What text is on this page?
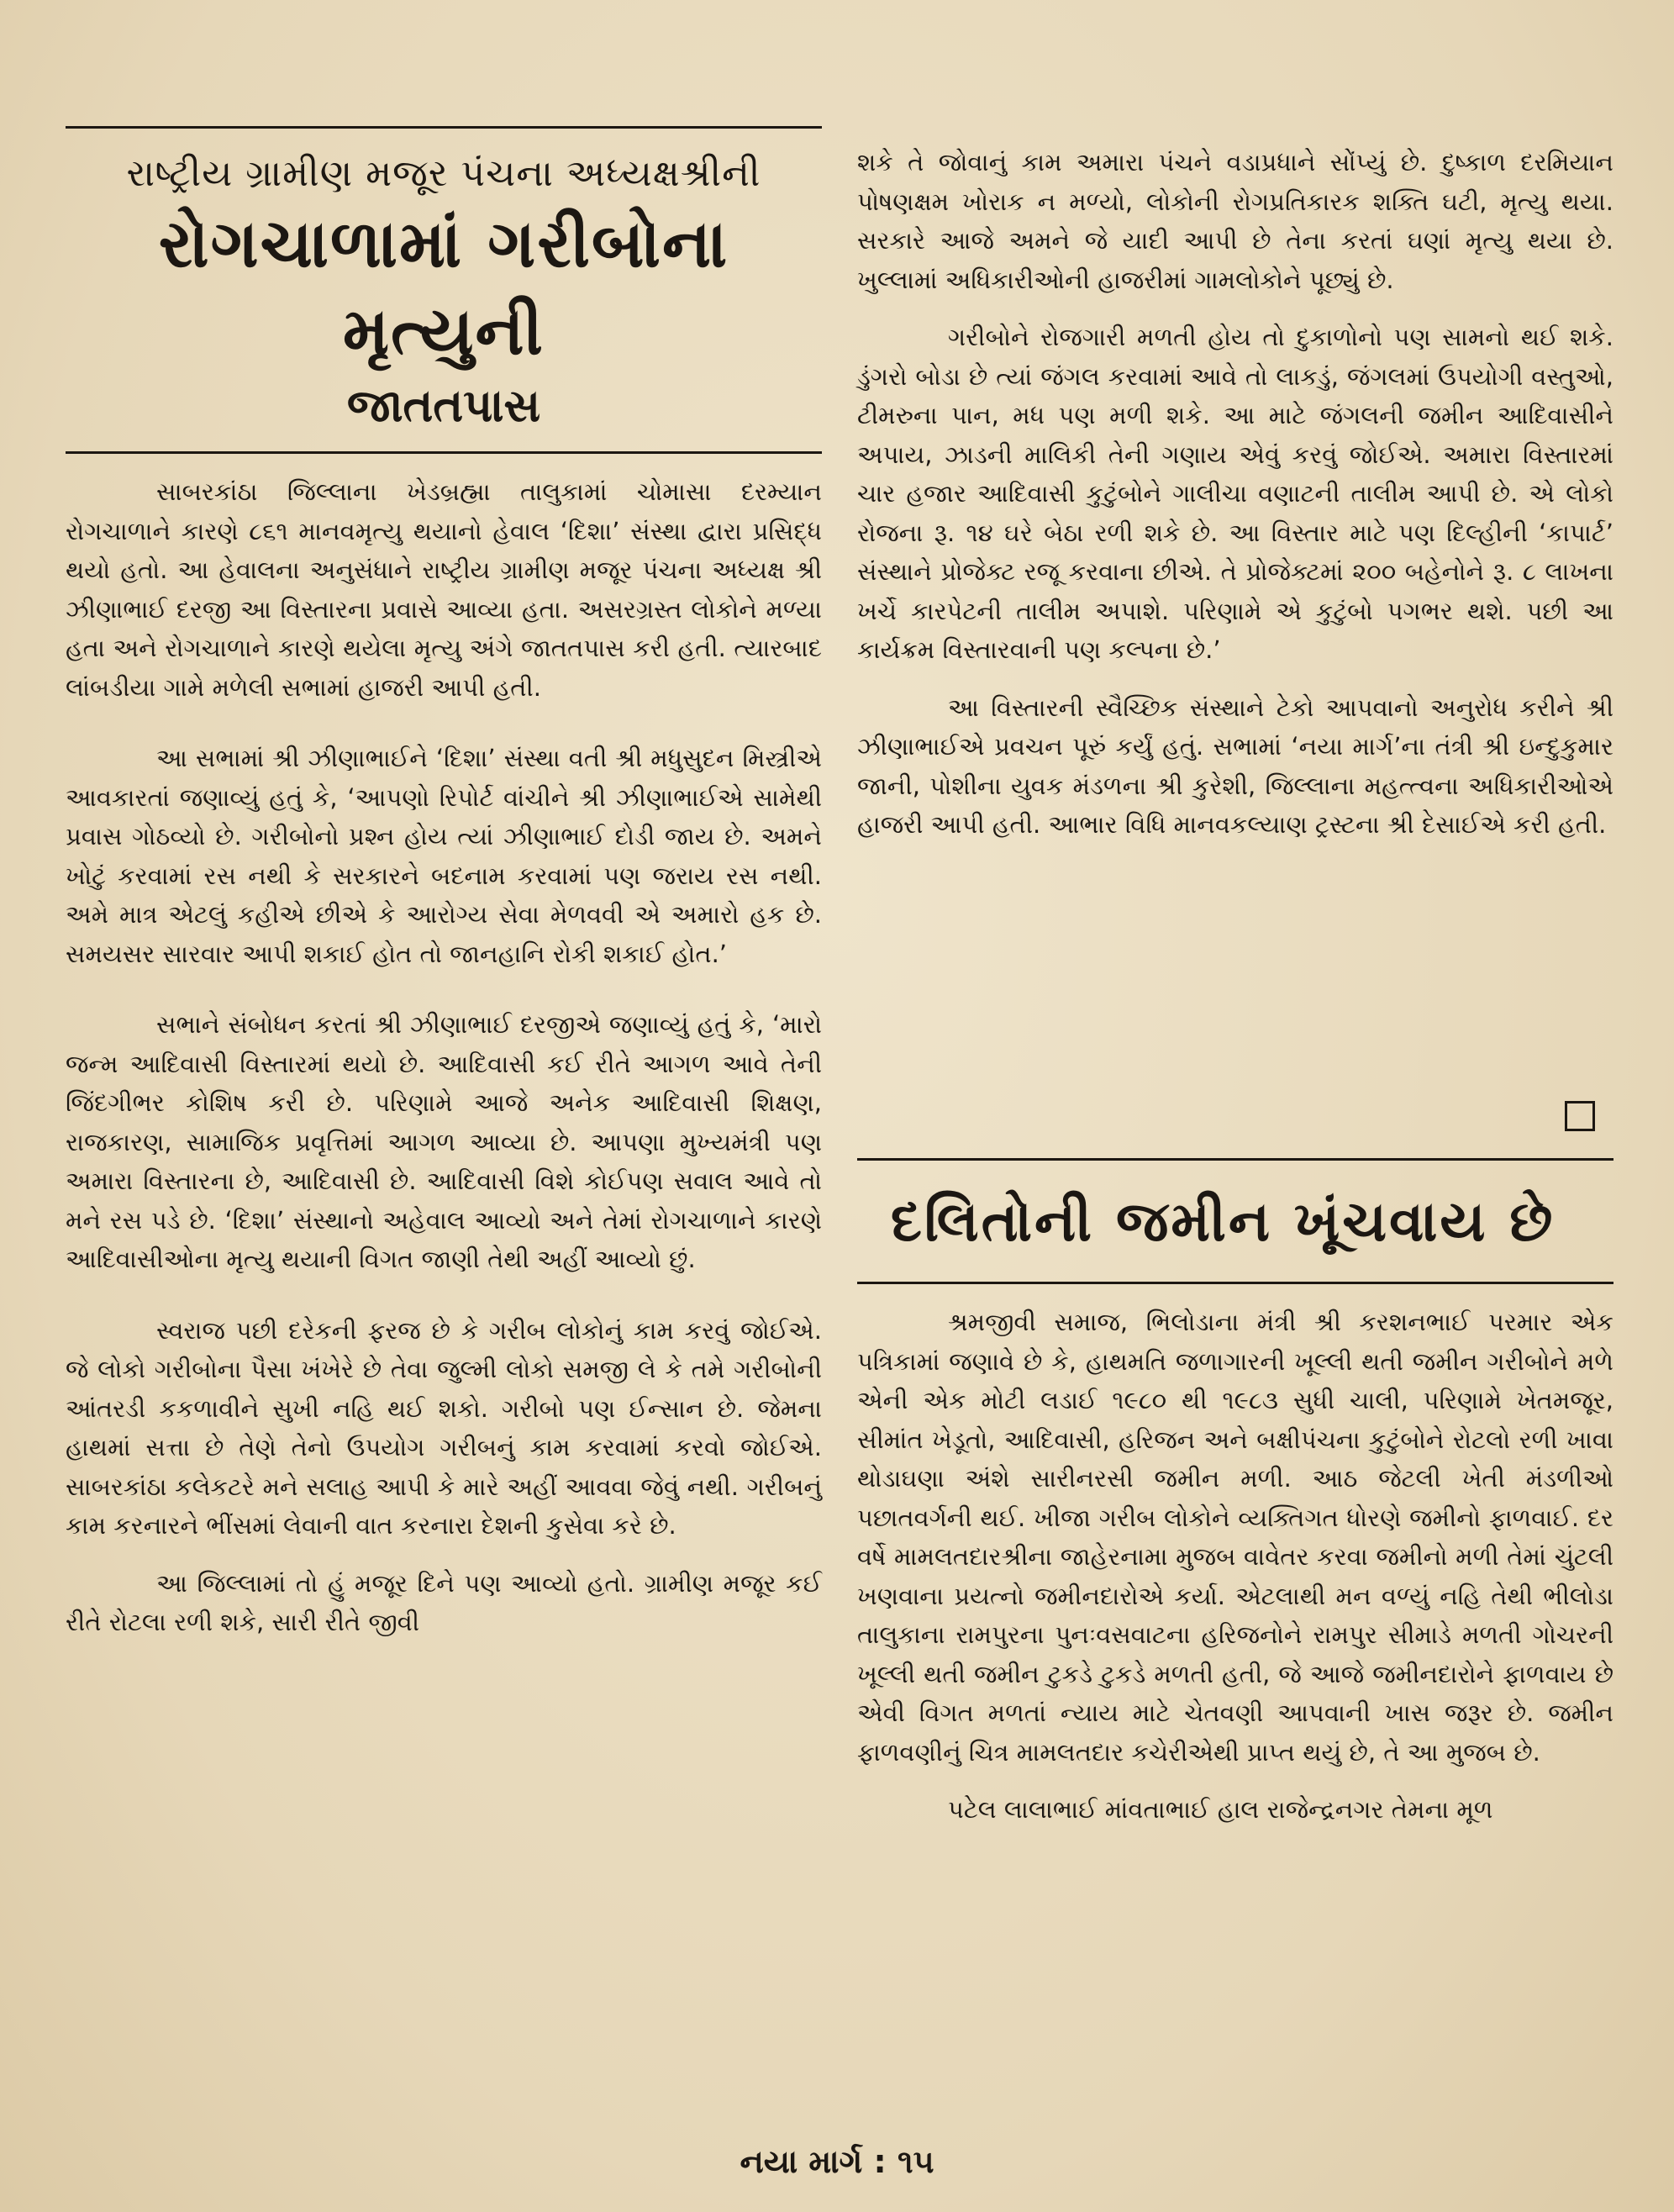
રાષ્ટ્રીય ગ્રામીણ મજૂર પંચના અધ્યક્ષશ્રીની
રોગચાળામાં ગરીબોના મૃત્યુની
જાતતપાસ

સાબરકાંઠા જિલ્લાના ખેડબ્રહ્મા તાલુકામાં ચોમાસા દરમ્યાન રોગચાળાને કારણે ૮૬૧ માનવમૃત્યુ થયાનો હેવાલ ‘દિશા’ સંસ્થા દ્વારા પ્રસિદ્ધ થયો હતો. આ હેવાલના અનુસંધાને રાષ્ટ્રીય ગ્રામીણ મજૂર પંચના અધ્યક્ષ શ્રી ઝીણાભાઈ દરજી આ વિસ્તારના પ્રવાસે આવ્યા હતા. અસરગ્રસ્ત લોકોને મળ્યા હતા અને રોગચાળાને કારણે થયેલા મૃત્યુ અંગે જાતતપાસ કરી હતી. ત્યારબાદ લાંબડીયા ગામે મળેલી સભામાં હાજરી આપી હતી.

આ સભામાં શ્રી ઝીણાભાઈને ‘દિશા’ સંસ્થા વતી શ્રી મધુસુદન મિસ્ત્રીએ આવકારતાં જણાવ્યું હતું કે, ‘આપણો રિપોર્ટ વાંચીને શ્રી ઝીણાભાઈએ સામેથી પ્રવાસ ગોઠવ્યો છે. ગરીબોનો પ્રશ્ન હોય ત્યાં ઝીણાભાઈ દોડી જાય છે. અમને ખોટું કરવામાં રસ નથી કે સરકારને બદનામ કરવામાં પણ જરાય રસ નથી. અમે માત્ર એટલું કહીએ છીએ કે આરોગ્ય સેવા મેળવવી એ અમારો હક છે. સમયસર સારવાર આપી શકાઈ હોત તો જાનહાનિ રોકી શકાઈ હોત.’

સભાને સંબોધન કરતાં શ્રી ઝીણાભાઈ દરજીએ જણાવ્યું હતું કે, ‘મારો જન્મ આદિવાસી વિસ્તારમાં થયો છે. આદિવાસી કઈ રીતે આગળ આવે તેની જિંદગીભર કોશિષ કરી છે. પરિણામે આજે અનેક આદિવાસી શિક્ષણ, રાજકારણ, સામાજિક પ્રવૃત્તિમાં આગળ આવ્યા છે. આપણા મુખ્યમંત્રી પણ અમારા વિસ્તારના છે, આદિવાસી છે. આદિવાસી વિશે કોઈપણ સવાલ આવે તો મને રસ પડે છે. ‘દિશા’ સંસ્થાનો અહેવાલ આવ્યો અને તેમાં રોગચાળાને કારણે આદિવાસીઓના મૃત્યુ થયાની વિગત જાણી તેથી અહીં આવ્યો છું.

સ્વરાજ પછી દરેકની ફરજ છે કે ગરીબ લોકોનું કામ કરવું જોઈએ. જે લોકો ગરીબોના પૈસા ખંખેરે છે તેવા જુલ્મી લોકો સમજી લે કે તમે ગરીબોની આંતરડી કકળાવીને સુખી નહિ થઈ શકો. ગરીબો પણ ઈન્સાન છે. જેમના હાથમાં સત્તા છે તેણે તેનો ઉપયોગ ગરીબનું કામ કરવામાં કરવો જોઈએ. સાબરકાંઠા કલેકટરે મને સલાહ આપી કે મારે અહીં આવવા જેવું નથી. ગરીબનું કામ કરનારને ભીંસમાં લેવાની વાત કરનારા દેશની કુસેવા કરે છે.

આ જિલ્લામાં તો હું મજૂર દિને પણ આવ્યો હતો. ગ્રામીણ મજૂર કઈ રીતે રોટલા રળી શકે, સારી રીતે જીવી

શકે તે જોવાનું કામ અમારા પંચને વડાપ્રધાને સોંપ્યું છે. દુષ્કાળ દરમિયાન પોષણક્ષમ ખોરાક ન મળ્યો, લોકોની રોગપ્રતિકારક શક્તિ ઘટી, મૃત્યુ થયા. સરકારે આજે અમને જે યાદી આપી છે તેના કરતાં ઘણાં મૃત્યુ થયા છે. ખુલ્લામાં અધિકારીઓની હાજરીમાં ગામલોકોને પૂછ્યું છે.

ગરીબોને રોજગારી મળતી હોય તો દુકાળોનો પણ સામનો થઈ શકે. ડુંગરો બોડા છે ત્યાં જંગલ કરવામાં આવે તો લાકડું, જંગલમાં ઉપયોગી વસ્તુઓ, ટીમરુના પાન, મધ પણ મળી શકે. આ માટે જંગલની જમીન આદિવાસીને અપાય, ઝાડની માલિકી તેની ગણાય એવું કરવું જોઈએ. અમારા વિસ્તારમાં ચાર હજાર આદિવાસી કુટુંબોને ગાલીચા વણાટની તાલીમ આપી છે. એ લોકો રોજના રૂ. ૧૪ ઘરે બેઠા રળી શકે છે. આ વિસ્તાર માટે પણ દિલ્હીની ‘કાપાર્ટ’ સંસ્થાને પ્રોજેક્ટ રજૂ કરવાના છીએ. તે પ્રોજેક્ટમાં ૨૦૦ બહેનોને રૂ. ૮ લાખના ખર્ચે કારપેટની તાલીમ અપાશે. પરિણામે એ કુટુંબો પગભર થશે. પછી આ કાર્યક્રમ વિસ્તારવાની પણ કલ્પના છે.’

આ વિસ્તારની સ્વૈચ્છિક સંસ્થાને ટેકો આપવાનો અનુરોધ કરીને શ્રી ઝીણાભાઈએ પ્રવચન પૂરું કર્યું હતું. સભામાં ‘નયા માર્ગ’ના તંત્રી શ્રી ઇન્દુકુમાર જાની, પોશીના યુવક મંડળના શ્રી કુરેશી, જિલ્લાના મહત્ત્વના અધિકારીઓએ હાજરી આપી હતી. આભાર વિધિ માનવકલ્યાણ ટ્રસ્ટના શ્રી દેસાઈએ કરી હતી.

દલિતોની જમીન ખૂંચવાય છે

શ્રમજીવી સમાજ, ભિલોડાના મંત્રી શ્રી કરશનભાઈ પરમાર એક પત્રિકામાં જણાવે છે કે, હાથમતિ જળાગારની ખૂલ્લી થતી જમીન ગરીબોને મળે એની એક મોટી લડાઈ ૧૯૮૦ થી ૧૯૮૩ સુધી ચાલી, પરિણામે ખેતમજૂર, સીમાંત ખેડૂતો, આદિવાસી, હરિજન અને બક્ષીપંચના કુટુંબોને રોટલો રળી ખાવા થોડાઘણા અંશે સારીનરસી જમીન મળી. આઠ જેટલી ખેતી મંડળીઓ પછાતવર્ગની થઈ. ખીજા ગરીબ લોકોને વ્યક્તિગત ધોરણે જમીનો ફાળવાઈ. દર વર્ષે મામલતદારશ્રીના જાહેરનામા મુજબ વાવેતર કરવા જમીનો મળી તેમાં ચુંટલી ખણવાના પ્રયત્નો જમીનદારોએ કર્યા. એટલાથી મન વળ્યું નહિ તેથી ભીલોડા તાલુકાના રામપુરના પુનઃવસવાટના હરિજનોને રામપુર સીમાડે મળતી ગોચરની ખૂલ્લી થતી જમીન ટુકડે ટુકડે મળતી હતી, જે આજે જમીનદારોને ફાળવાય છે એવી વિગત મળતાં ન્યાય માટે ચેતવણી આપવાની ખાસ જરૂર છે. જમીન ફાળવણીનું ચિત્ર મામલતદાર કચેરીએથી પ્રાપ્ત થયું છે, તે આ મુજબ છે.

પટેલ લાલાભાઈ માંવતાભાઈ હાલ રાજેન્દ્રનગર તેમના મૂળ

નયા માર્ગ : ૧૫
